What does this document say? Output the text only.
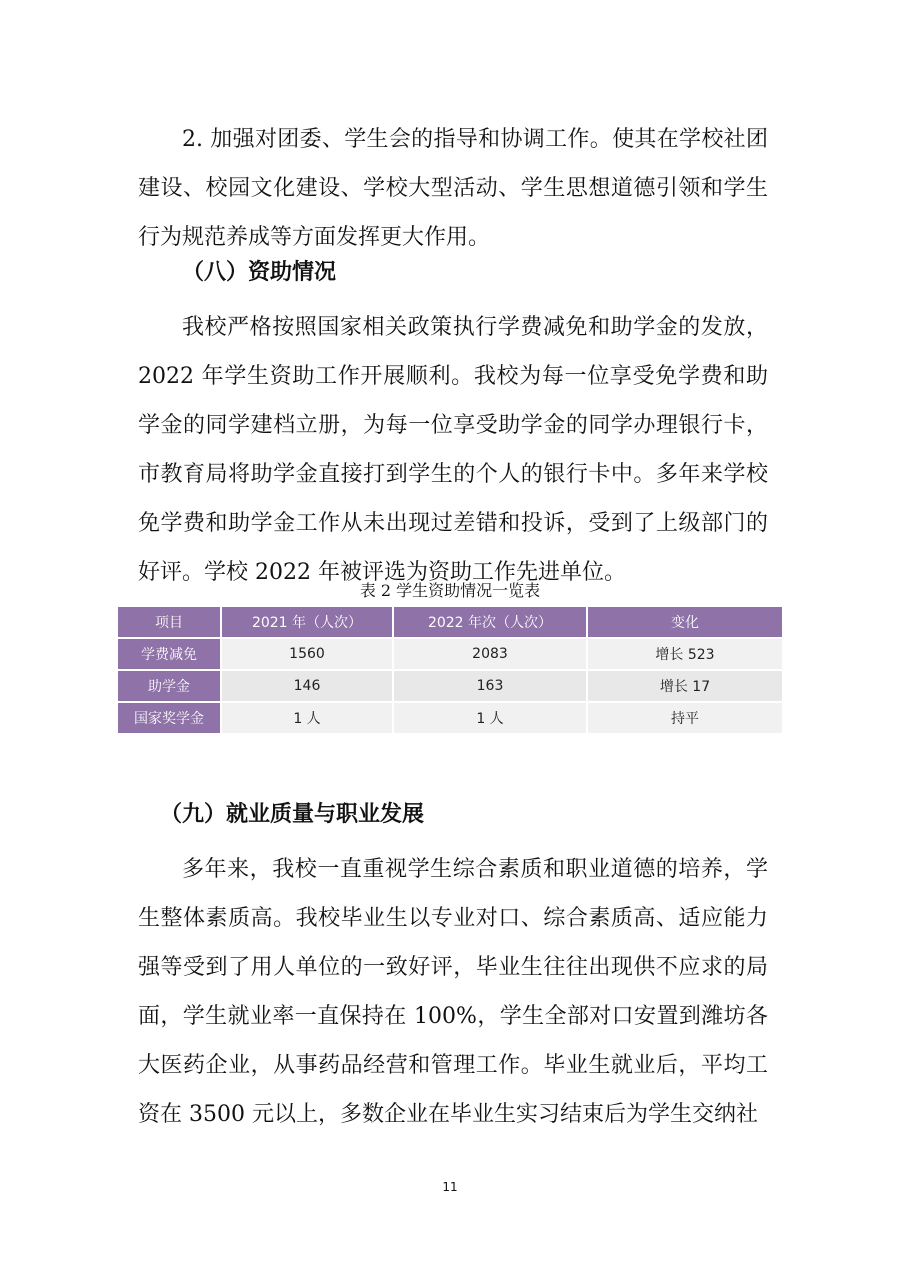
2. 加强对团委、学生会的指导和协调工作。使其在学校社团建设、校园文化建设、学校大型活动、学生思想道德引领和学生行为规范养成等方面发挥更大作用。

（八）资助情况

我校严格按照国家相关政策执行学费减免和助学金的发放，2022 年学生资助工作开展顺利。我校为每一位享受免学费和助学金的同学建档立册，为每一位享受助学金的同学办理银行卡，市教育局将助学金直接打到学生的个人的银行卡中。多年来学校免学费和助学金工作从未出现过差错和投诉，受到了上级部门的好评。学校 2022 年被评选为资助工作先进单位。

表 2 学生资助情况一览表

项目	2021 年（人次）	2022 年次（人次）	变化
学费减免	1560	2083	增长 523
助学金	146	163	增长 17
国家奖学金	1 人	1 人	持平
（九）就业质量与职业发展

多年来，我校一直重视学生综合素质和职业道德的培养，学生整体素质高。我校毕业生以专业对口、综合素质高、适应能力强等受到了用人单位的一致好评，毕业生往往出现供不应求的局面，学生就业率一直保持在 100%，学生全部对口安置到潍坊各大医药企业，从事药品经营和管理工作。毕业生就业后，平均工资在 3500 元以上，多数企业在毕业生实习结束后为学生交纳社

11
